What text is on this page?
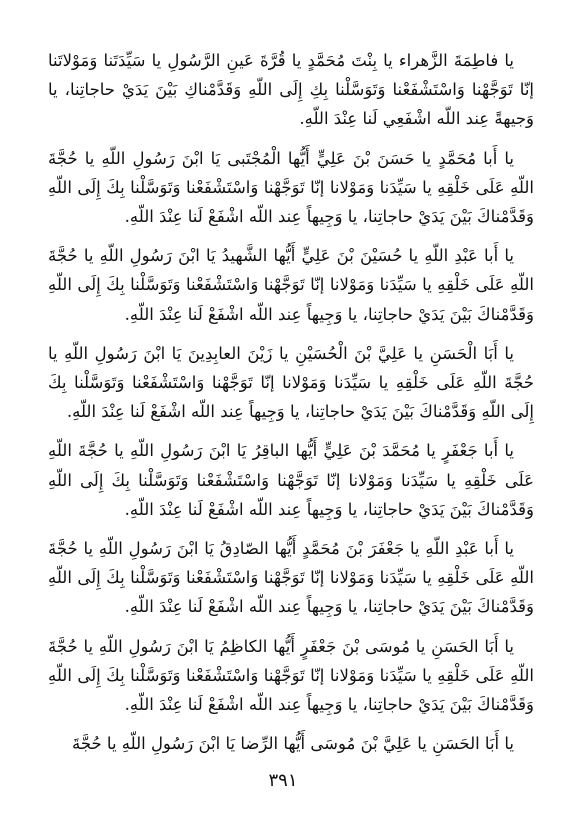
يا فاطِمَةَ الزَّهراء يا بِنْتَ مُحَمَّدٍ يا قُرَّةَ عَينِ الرَّسُولِ يا سَيِّدَتَنا وَمَوْلاتَنا إنّا تَوَجَّهْنا وَاسْتَشْفَعْنا وَتَوَسَّلْنا بِكِ إِلَى اللّهِ وَقَدَّمْناكِ بَيْنَ يَدَيْ حاجاتِنا، يا وَجيهةً عِند اللّه اشْفَعِي لَنا عِنْدَ اللّهِ.

يا أَبا مُحَمَّدٍ يا حَسَنَ بْنَ عَلِيٍّ أَيُّها الْمُجْتَبى يَا ابْنَ رَسُولِ اللّهِ يا حُجَّةَ اللّهِ عَلَى خَلْقِهِ يا سَيِّدَنا وَمَوْلانا إنّا تَوَجَّهْنا وَاسْتَشْفَعْنا وَتَوَسَّلْنا بِكَ إِلَى اللّهِ وَقَدَّمْناكَ بَيْنَ يَدَيْ حاجاتِنا، يا وَجِيهاً عِند اللّه اشْفَعْ لَنا عِنْدَ اللّهِ.

يا أَبا عَبْدِ اللّهِ يا حُسَيْنَ بْنَ عَلِيٍّ أَيُّها الشَّهيدُ يَا ابْنَ رَسُولِ اللّهِ يا حُجَّةَ اللّهِ عَلَى خَلْقِهِ يا سَيِّدَنا وَمَوْلانا إنّا تَوَجَّهْنا وَاسْتَشْفَعْنا وَتَوَسَّلْنا بِكَ إِلَى اللّهِ وَقَدَّمْناكَ بَيْنَ يَدَيْ حاجاتِنا، يا وَجِيهاً عِند اللّه اشْفَعْ لَنا عِنْدَ اللّهِ.

يا أَبَا الْحَسَنِ يا عَلِيَّ بْنَ الْحُسَيْنِ يا زَيْنَ العابِدِينَ يَا ابْنَ رَسُولِ اللّهِ يا حُجَّةَ اللّهِ عَلَى خَلْقِهِ يا سَيِّدَنا وَمَوْلانا إنّا تَوَجَّهْنا وَاسْتَشْفَعْنا وَتَوَسَّلْنا بِكَ إِلَى اللّهِ وَقَدَّمْناكَ بَيْنَ يَدَيْ حاجاتِنا، يا وَجِيهاً عِند اللّه اشْفَعْ لَنا عِنْدَ اللّهِ.

يا أَبا جَعْفَرٍ يا مُحَمَّدَ بْنَ عَلِيٍّ أَيُّها الباقِرُ يَا ابْنَ رَسُولِ اللّهِ يا حُجَّةَ اللّهِ عَلَى خَلْقِهِ يا سَيِّدَنا وَمَوْلانا إنّا تَوَجَّهْنا وَاسْتَشْفَعْنا وَتَوَسَّلْنا بِكَ إِلَى اللّهِ وَقَدَّمْناكَ بَيْنَ يَدَيْ حاجاتِنا، يا وَجِيهاً عِند اللّه اشْفَعْ لَنا عِنْدَ اللّهِ.

يا أَبا عَبْدِ اللّهِ يا جَعْفَرَ بْنَ مُحَمَّدٍ أَيُّها الصّادِقُ يَا ابْنَ رَسُولِ اللّهِ يا حُجَّةَ اللّهِ عَلَى خَلْقِهِ يا سَيِّدَنا وَمَوْلانا إنّا تَوَجَّهْنا وَاسْتَشْفَعْنا وَتَوَسَّلْنا بِكَ إِلَى اللّهِ وَقَدَّمْناكَ بَيْنَ يَدَيْ حاجاتِنا، يا وَجِيهاً عِند اللّه اشْفَعْ لَنا عِنْدَ اللّهِ.

يا أَبَا الحَسَنِ يا مُوسَى بْنَ جَعْفَرٍ أَيُّها الكاظِمُ يَا ابْنَ رَسُولِ اللّهِ يا حُجَّةَ اللّهِ عَلَى خَلْقِهِ يا سَيِّدَنا وَمَوْلانا إنّا تَوَجَّهْنا وَاسْتَشْفَعْنا وَتَوَسَّلْنا بِكَ إِلَى اللّهِ وَقَدَّمْناكَ بَيْنَ يَدَيْ حاجاتِنا، يا وَجِيهاً عِند اللّه اشْفَعْ لَنا عِنْدَ اللّهِ.

يا أَبَا الحَسَنِ يا عَلِيَّ بْنَ مُوسَى أَيُّها الرِّضا يَا ابْنَ رَسُولِ اللّهِ يا حُجَّةَ

٣٩١
